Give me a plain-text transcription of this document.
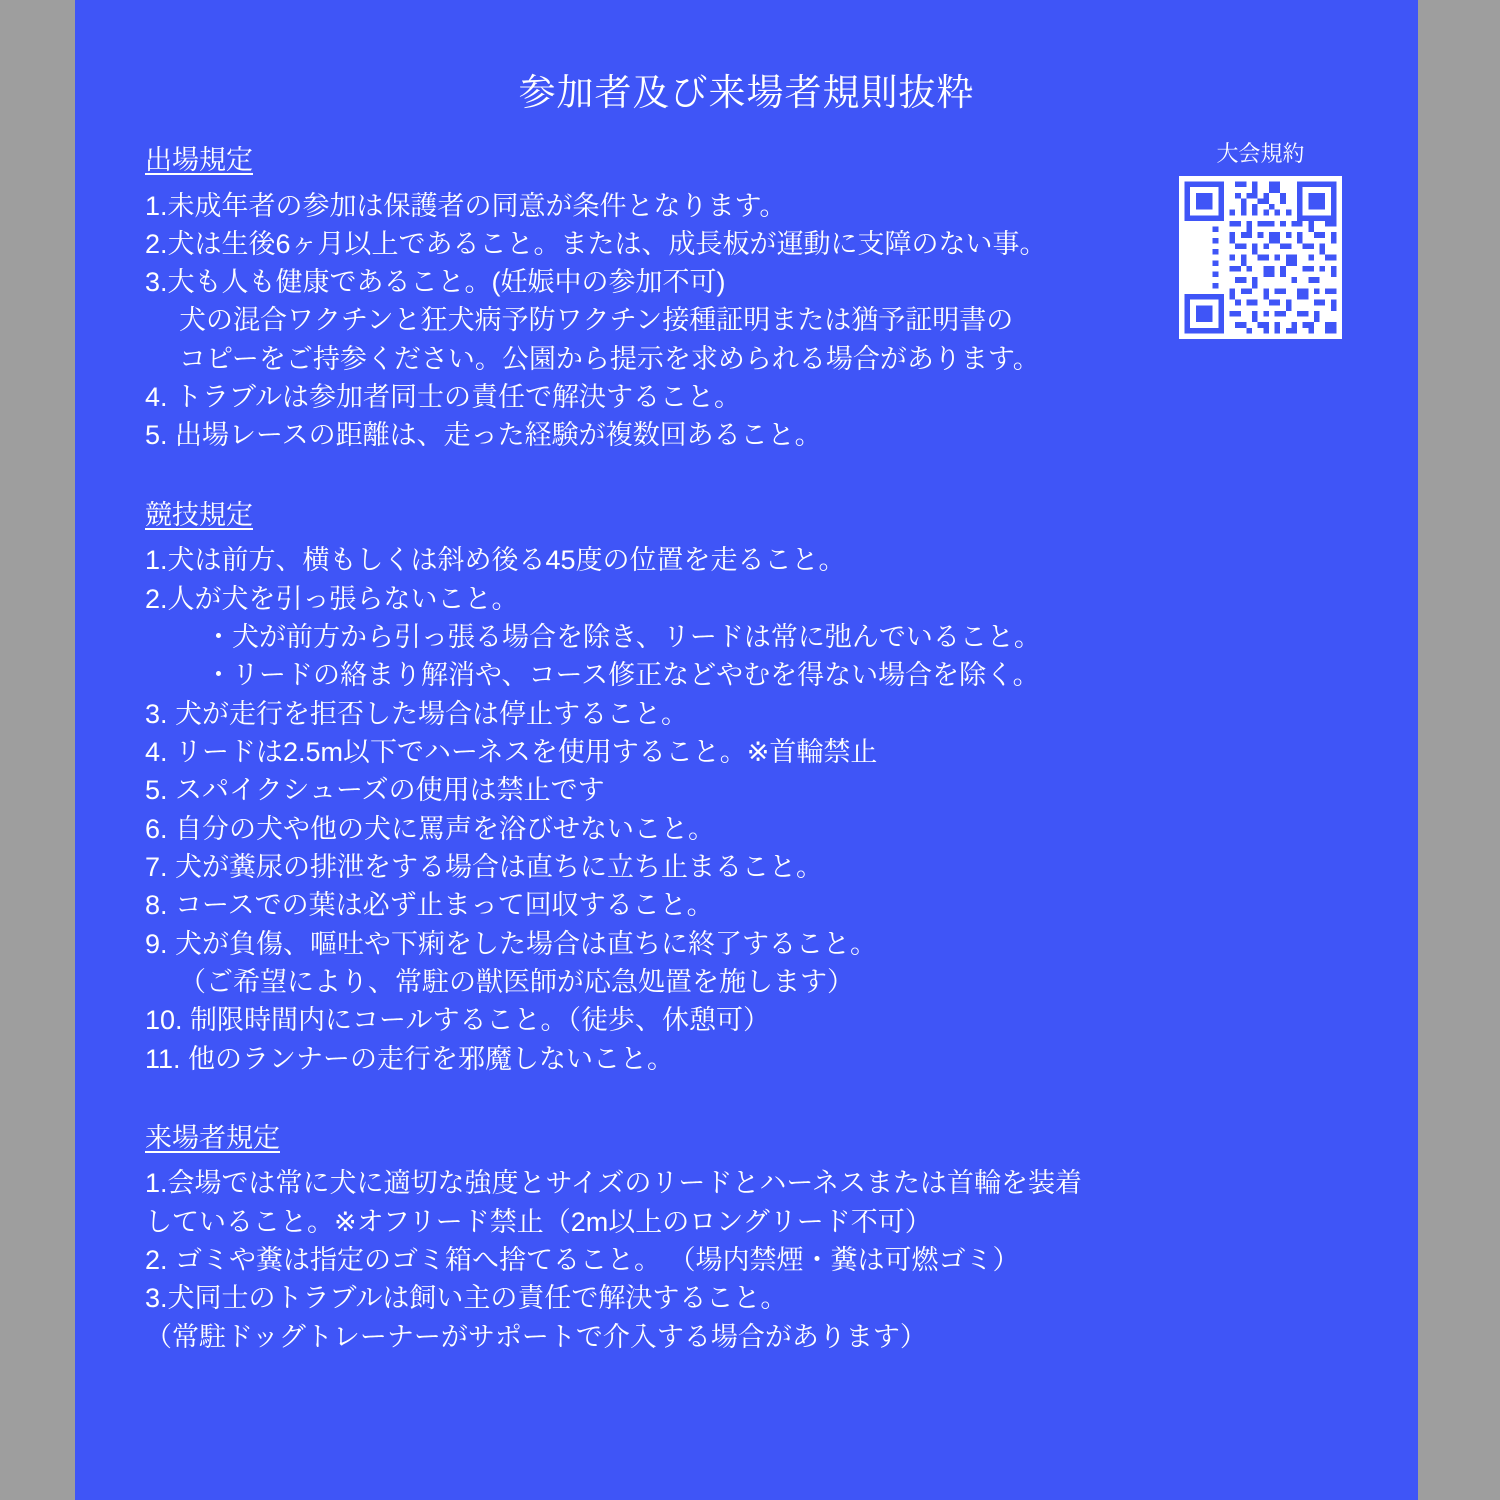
参加者及び来場者規則抜粋
大会規約
出場規定

1.未成年者の参加は保護者の同意が条件となります。

2.犬は生後6ヶ月以上であること。または、成長板が運動に支障のない事。

3.大も人も健康であること。(妊娠中の参加不可)

犬の混合ワクチンと狂犬病予防ワクチン接種証明または猶予証明書の

コピーをご持参ください。公園から提示を求められる場合があります。

4. トラブルは参加者同士の責任で解決すること。

5. 出場レースの距離は、走った経験が複数回あること。

競技規定

1.犬は前方、横もしくは斜め後る45度の位置を走ること。

2.人が犬を引っ張らないこと。

・犬が前方から引っ張る場合を除き、リードは常に弛んでいること。

・リードの絡まり解消や、コース修正などやむを得ない場合を除く。

3. 犬が走行を拒否した場合は停止すること。

4. リードは2.5m以下でハーネスを使用すること。※首輪禁止

5. スパイクシューズの使用は禁止です

6. 自分の犬や他の犬に罵声を浴びせないこと。

7. 犬が糞尿の排泄をする場合は直ちに立ち止まること。

8. コースでの葉は必ず止まって回収すること。

9. 犬が負傷、嘔吐や下痢をした場合は直ちに終了すること。

（ご希望により、常駐の獣医師が応急処置を施します）

10. 制限時間内にコールすること。（徒歩、休憩可）

11. 他のランナーの走行を邪魔しないこと。

来場者規定

1.会場では常に犬に適切な強度とサイズのリードとハーネスまたは首輪を装着

していること。※オフリード禁止（2m以上のロングリード不可）

2. ゴミや糞は指定のゴミ箱へ捨てること。 （場内禁煙・糞は可燃ゴミ）

3.犬同士のトラブルは飼い主の責任で解決すること。

（常駐ドッグトレーナーがサポートで介入する場合があります）
